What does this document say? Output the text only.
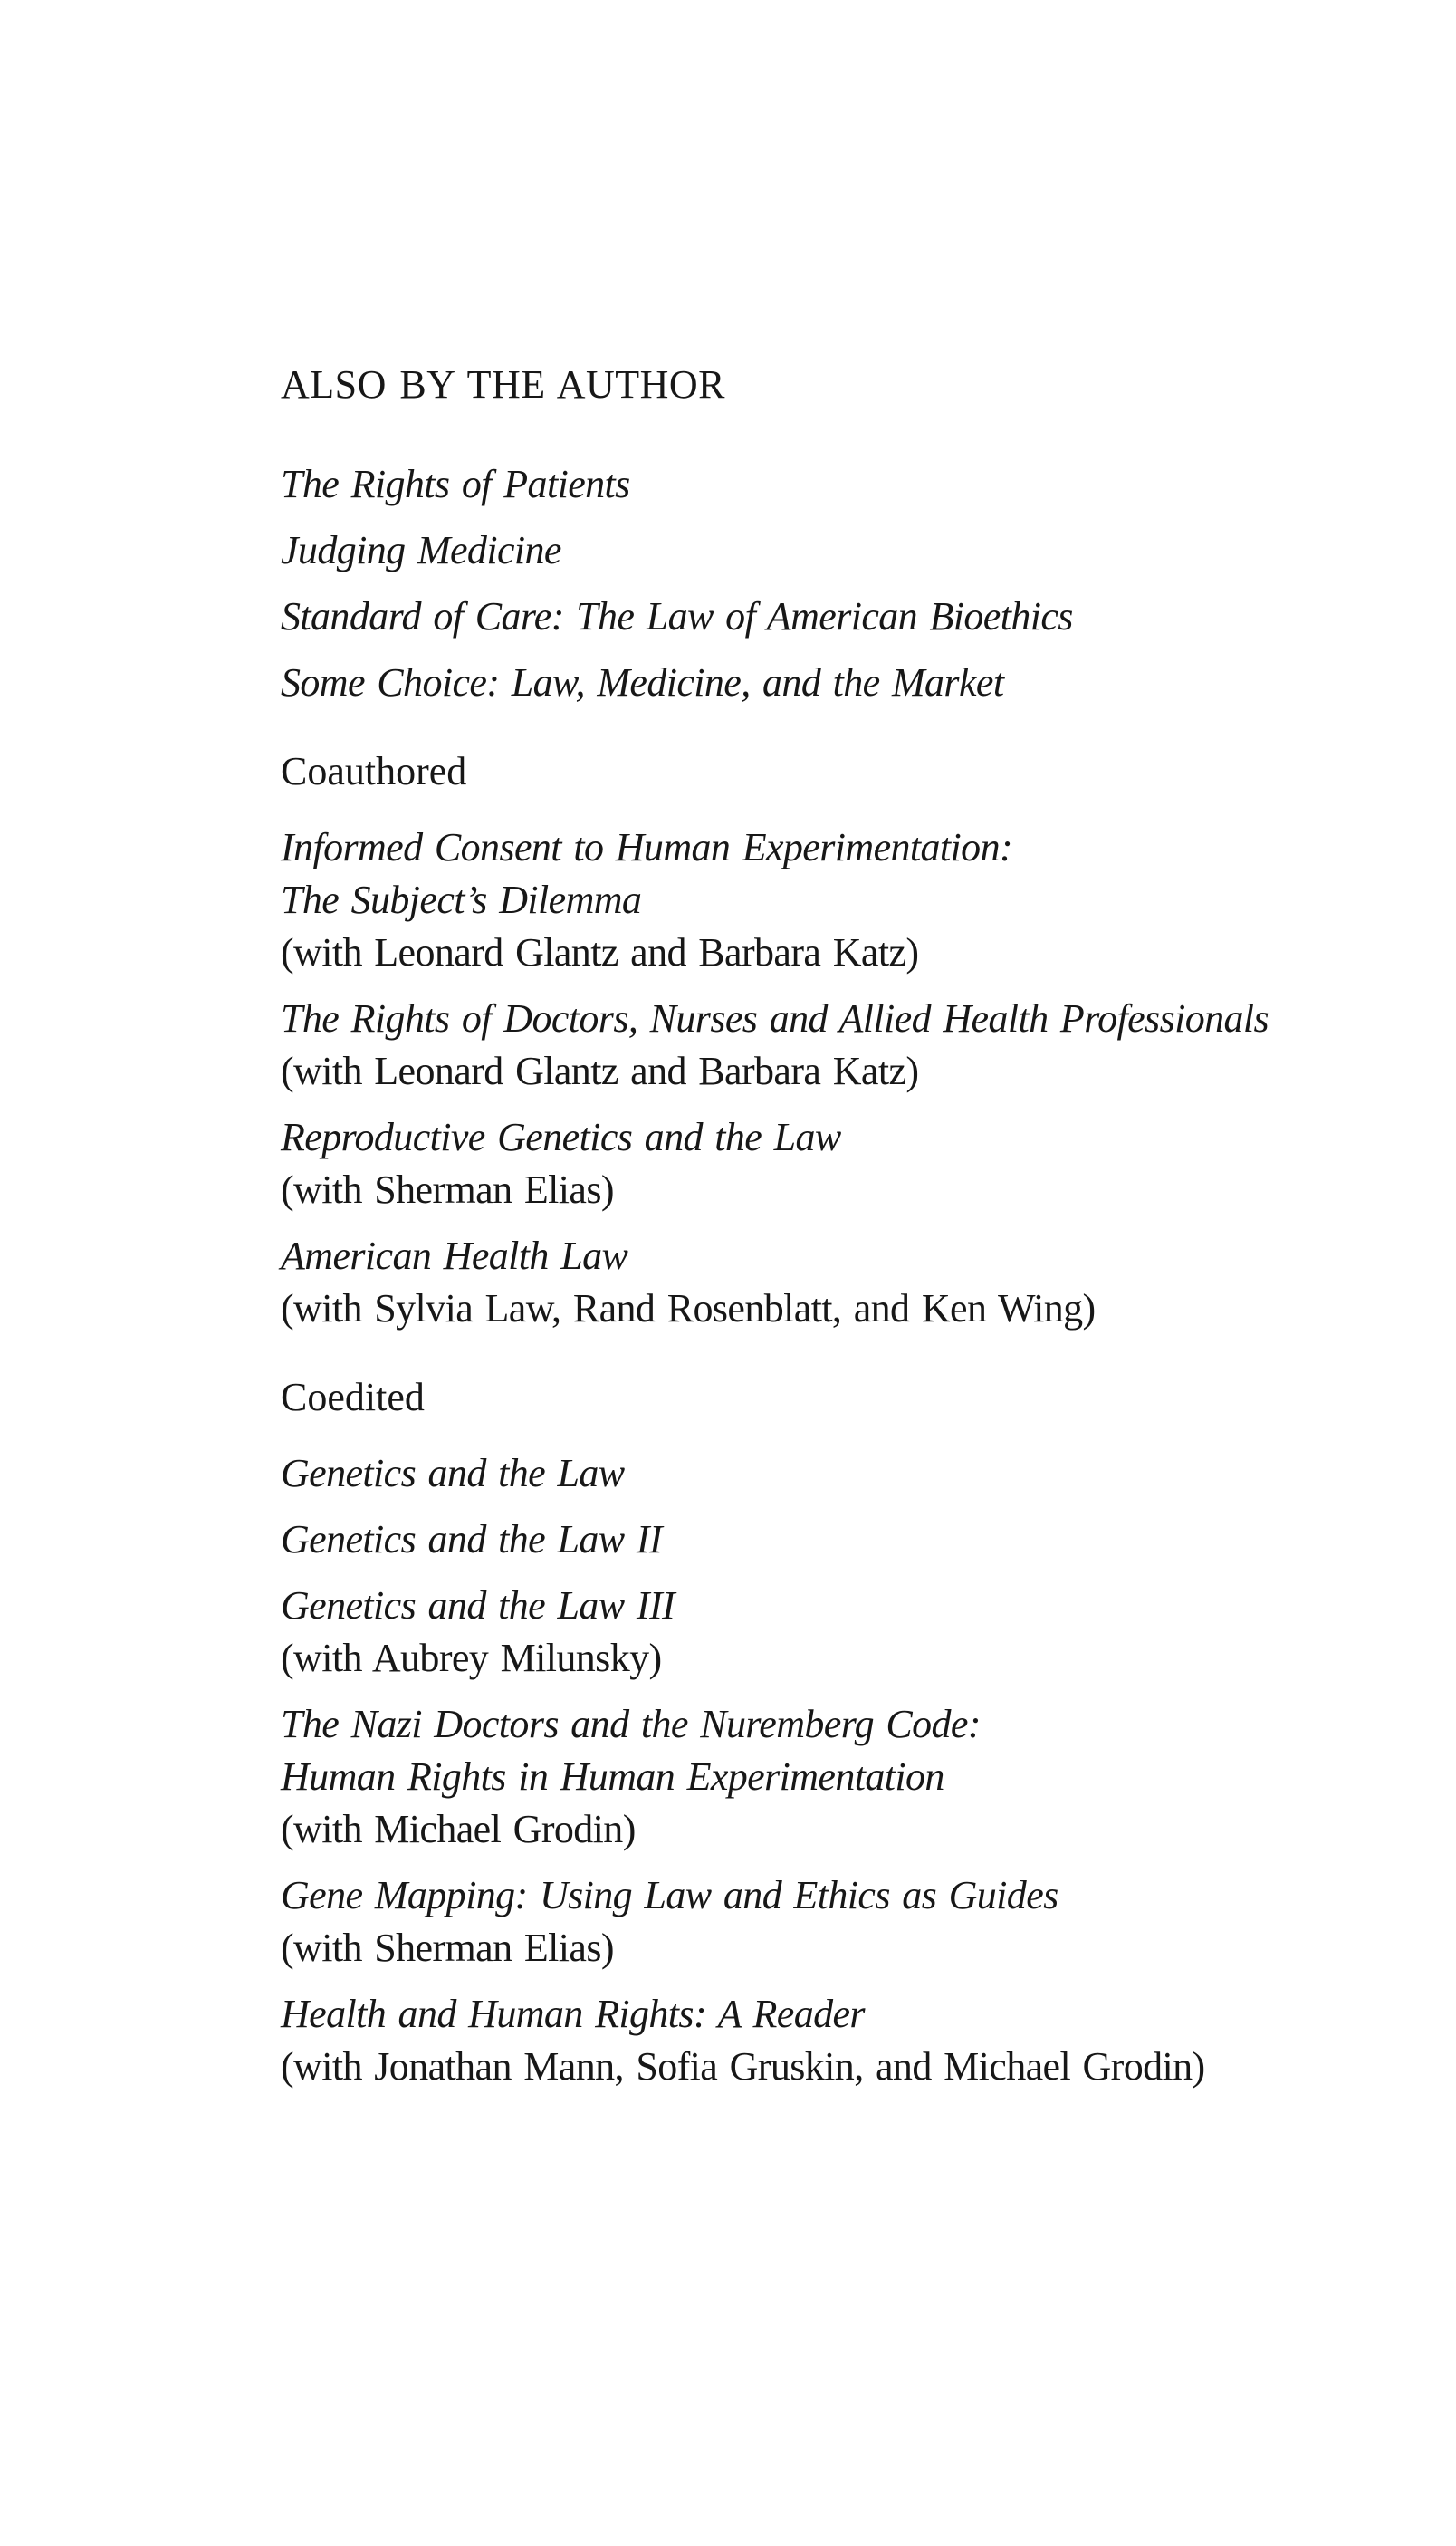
ALSO BY THE AUTHOR

The Rights of Patients

Judging Medicine

Standard of Care: The Law of American Bioethics

Some Choice: Law, Medicine, and the Market

Coauthored

Informed Consent to Human Experimentation:
The Subject’s Dilemma
(with Leonard Glantz and Barbara Katz)

The Rights of Doctors, Nurses and Allied Health Professionals
(with Leonard Glantz and Barbara Katz)

Reproductive Genetics and the Law
(with Sherman Elias)

American Health Law
(with Sylvia Law, Rand Rosenblatt, and Ken Wing)

Coedited

Genetics and the Law

Genetics and the Law II

Genetics and the Law III
(with Aubrey Milunsky)

The Nazi Doctors and the Nuremberg Code:
Human Rights in Human Experimentation
(with Michael Grodin)

Gene Mapping: Using Law and Ethics as Guides
(with Sherman Elias)

Health and Human Rights: A Reader
(with Jonathan Mann, Sofia Gruskin, and Michael Grodin)
